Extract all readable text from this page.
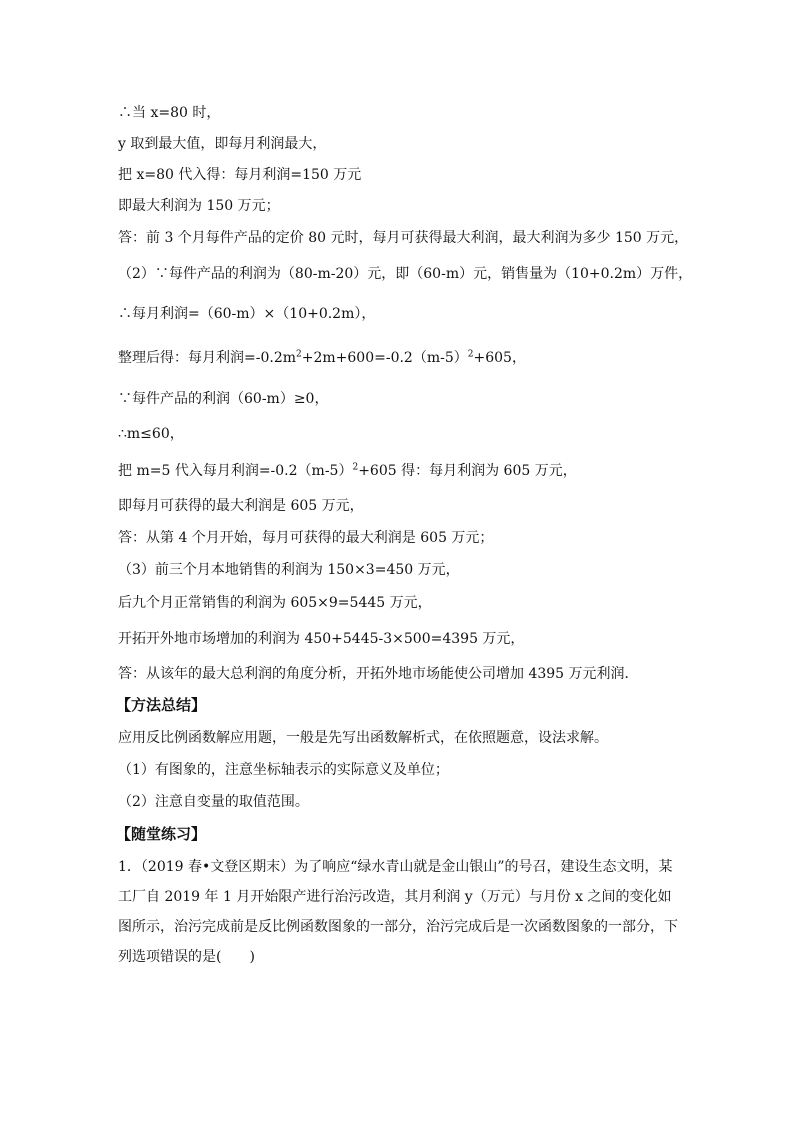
∴当 x=80 时，
y 取到最大值，即每月利润最大，
把 x=80 代入得：每月利润=150 万元
即最大利润为 150 万元；
答：前 3 个月每件产品的定价 80 元时，每月可获得最大利润，最大利润为多少 150 万元，
（2）∵每件产品的利润为（80-m-20）元，即（60-m）元，销售量为（10+0.2m）万件，
∴每月利润=（60-m）×（10+0.2m），
整理后得：每月利润$=-0.2m^2+2m+600=-0.2(m-5)^2+605$，
∵每件产品的利润（60-m）≥0，
∴m≤60，
把 m=5 代入每月利润$=-0.2(m-5)^2+605$ 得：每月利润为 605 万元，
即每月可获得的最大利润是 605 万元，
答：从第 4 个月开始，每月可获得的最大利润是 605 万元；
（3）前三个月本地销售的利润为 150×3=450 万元，
后九个月正常销售的利润为 605×9=5445 万元，
开拓开外地市场增加的利润为 450+5445-3×500=4395 万元，
答：从该年的最大总利润的角度分析，开拓外地市场能使公司增加 4395 万元利润．
【方法总结】
应用反比例函数解应用题，一般是先写出函数解析式，在依照题意，设法求解。
（1）有图象的，注意坐标轴表示的实际意义及单位；
（2）注意自变量的取值范围。
【随堂练习】
1．（2019 春•文登区期末）为了响应“绿水青山就是金山银山”的号召，建设生态文明，某工厂自 2019 年 1 月开始限产进行治污改造，其月利润 y（万元）与月份 x 之间的变化如图所示，治污完成前是反比例函数图象的一部分，治污完成后是一次函数图象的一部分，下列选项错误的是(　　)
